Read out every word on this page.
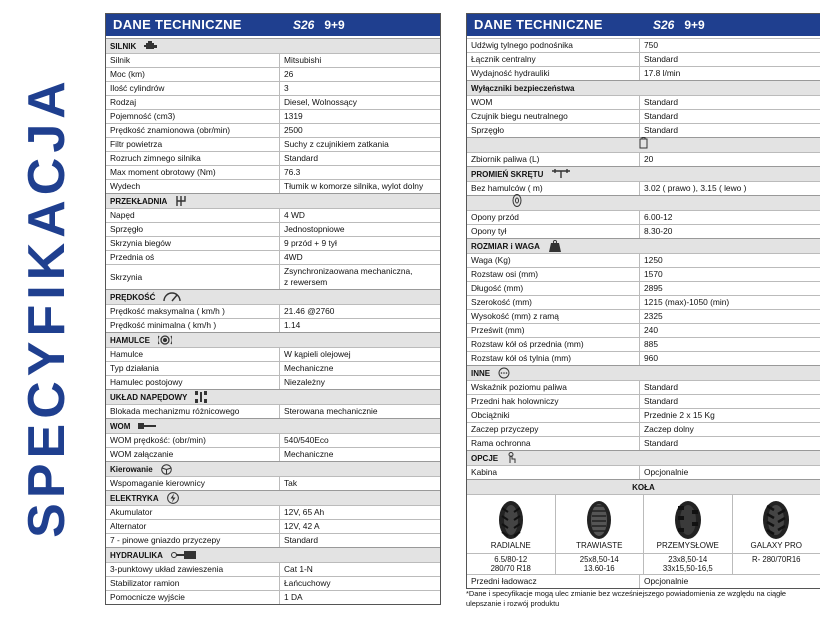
SPECYFIKACJA
DANE TECHNICZNE	S26 9+9
SILNIK
Silnik	Mitsubishi
Moc (km)	26
Ilość cylindrów	3
Rodzaj	Diesel, Wolnossący
Pojemność (cm3)	1319
Prędkość znamionowa (obr/min)	2500
Filtr powietrza	Suchy z czujnikiem zatkania
Rozruch zimnego silnika	Standard
Max moment obrotowy (Nm)	76.3
Wydech	Tłumik w komorze silnika, wylot dolny
PRZEKŁADNIA
Napęd	4 WD
Sprzęgło	Jednostopniowe
Skrzynia biegów	9 przód + 9 tył
Przednia oś	4WD
Skrzynia
Zsynchronizaowana mechaniczna,
z rewersem
PRĘDKOŚĆ
Prędkość maksymalna ( km/h )	21.46 @2760
Prędkość minimalna ( km/h )	1.14
HAMULCE
Hamulce	W kąpieli olejowej
Typ działania	Mechaniczne
Hamulec postojowy	Niezależny
UKŁAD NAPĘDOWY
Blokada mechanizmu różnicowego	Sterowana mechanicznie
WOM
WOM prędkość: (obr/min)	540/540Eco
WOM załączanie	Mechaniczne
Kierowanie
Wspomaganie kierownicy	Tak
ELEKTRYKA
Akumulator	12V, 65 Ah
Alternator	12V, 42 A
7 - pinowe gniazdo przyczepy	Standard
HYDRAULIKA
3-punktowy układ zawieszenia	Cat 1-N
Stabilizator ramion	Łańcuchowy
Pomocnicze wyjście	1 DA
DANE TECHNICZNE	S26 9+9
Udźwig tylnego podnośnika	750
Łącznik centralny	Standard
Wydajność hydrauliki	17.8 l/min
Wyłączniki bezpieczeństwa
WOM	Standard
Czujnik biegu neutralnego	Standard
Sprzęgło	Standard
Zbiornik paliwa (L)	20
PROMIEŃ SKRĘTU
Bez hamulców ( m)	3.02 ( prawo ), 3.15 ( lewo )
Opony przód	6.00-12
Opony tył	8.30-20
ROZMIAR i WAGA
Waga (Kg)	1250
Rozstaw osi (mm)	1570
Długość (mm)	2895
Szerokość (mm)	1215 (max)-1050 (min)
Wysokość (mm) z ramą	2325
Prześwit (mm)	240
Rozstaw kół oś przednia (mm)	885
Rozstaw kół oś tylnia (mm)	960
INNE
Wskaźnik poziomu paliwa	Standard
Przedni hak holowniczy	Standard
Obciążniki	Przednie 2 x 15 Kg
Zaczep przyczepy	Zaczep dolny
Rama ochronna	Standard
OPCJE
Kabina	Opcjonalnie
KOŁA
RADIALNE
6.5/80-12
280/70 R18
TRAWIASTE
25x8,50-14
13.60-16
PRZEMYSŁOWE
23x8,50-14
33x15,50-16,5
GALAXY PRO
R- 280/70R16
Przedni ładowacz	Opcjonalnie
*Dane i specyfikacje mogą ulec zmianie bez wcześniejszego powiadomienia ze względu na ciągłe ulepszanie i rozwój produktu
